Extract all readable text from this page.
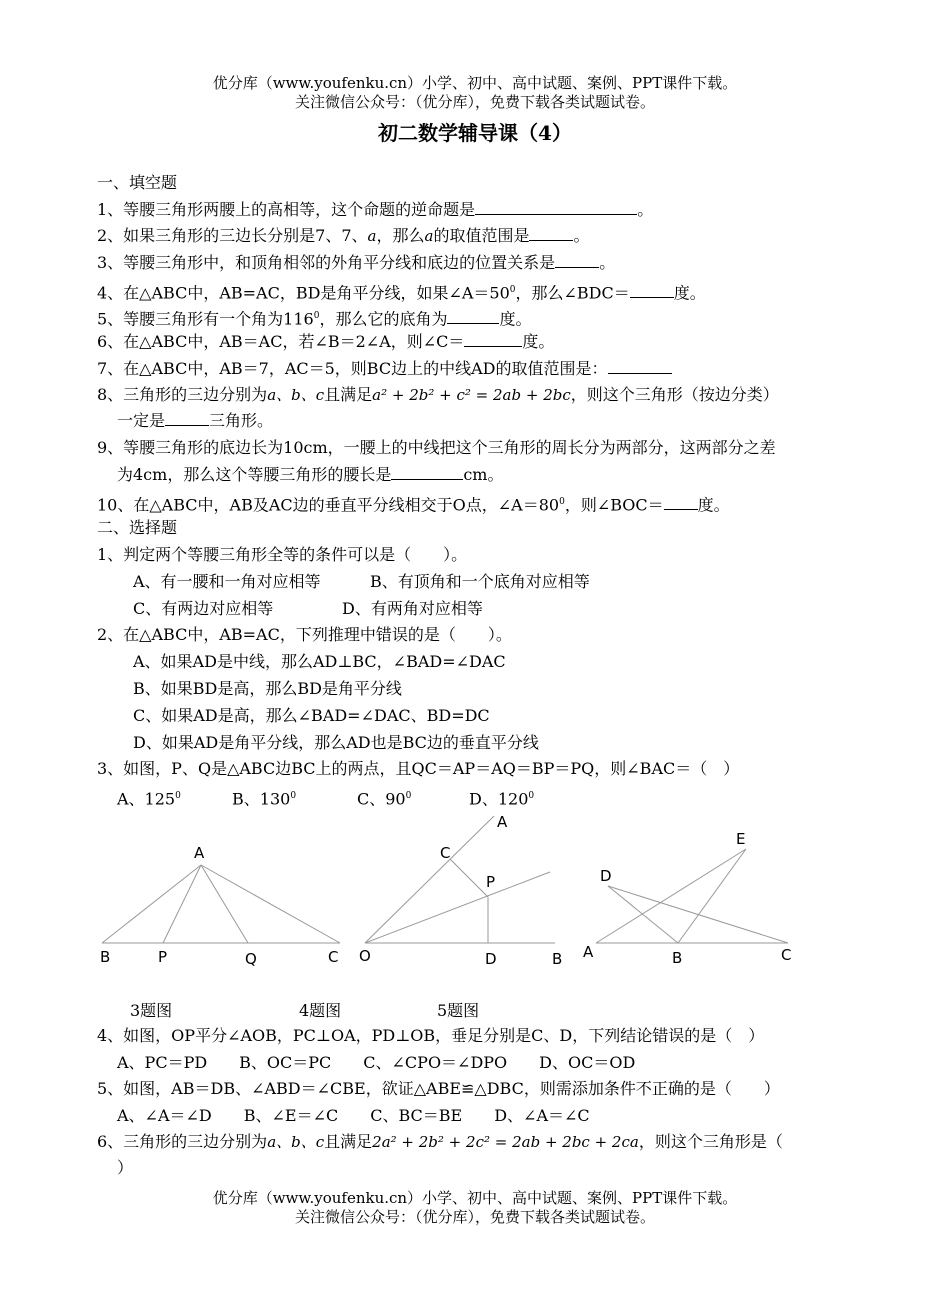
优分库（www.youfenku.cn）小学、初中、高中试题、案例、PPT课件下载。
关注微信公众号：（优分库），免费下载各类试题试卷。
初二数学辅导课（4）
一、填空题
1、等腰三角形两腰上的高相等，这个命题的逆命题是	。
2、如果三角形的三边长分别是7、7、a，那么a的取值范围是	。
3、等腰三角形中，和顶角相邻的外角平分线和底边的位置关系是	。
4、在△ABC中，AB=AC，BD是角平分线，如果$\angle A=50^0$，那么∠BDC＝	度。
5、等腰三角形有一个角为$116^0$，那么它的底角为	度。
6、在△ABC中，AB＝AC，若∠B＝2∠A，则∠C＝	度。
7、在△ABC中，AB＝7，AC＝5，则BC边上的中线AD的取值范围是：
8、三角形的三边分别为a、b、c且满足a² + 2b² + c² = 2ab + 2bc，则这个三角形（按边分类）
一定是	三角形。
9、等腰三角形的底边长为10cm，一腰上的中线把这个三角形的周长分为两部分，这两部分之差
为4cm，那么这个等腰三角形的腰长是	cm。
10、在△ABC中，AB及AC边的垂直平分线相交于O点，$\angle A=80^0$，则∠BOC＝ 度。
二、选择题
1、判定两个等腰三角形全等的条件可以是（　　）。
A、有一腰和一角对应相等	B、有顶角和一个底角对应相等
C、有两边对应相等	D、有两角对应相等
2、在△ABC中，AB=AC，下列推理中错误的是（　　）。
A、如果AD是中线，那么AD⊥BC，∠BAD=∠DAC
B、如果BD是高，那么BD是角平分线
C、如果AD是高，那么∠BAD=∠DAC、BD=DC
D、如果AD是角平分线，那么AD也是BC边的垂直平分线
3、如图，P、Q是△ABC边BC上的两点，且QC＝AP＝AQ＝BP＝PQ，则∠BAC＝（　）
A、$125^0$	B、$130^0$	C、$90^0$	D、$120^0$
A
B	P	Q	C
A
C
P
O	D	B
E
D
A	B	C
3题图	4题图	5题图
4、如图，OP平分∠AOB，PC⊥OA，PD⊥OB，垂足分别是C、D，下列结论错误的是（　）
A、PC＝PD　　B、OC＝PC　　C、∠CPO＝∠DPO　　D、OC＝OD
5、如图，AB＝DB、∠ABD＝∠CBE，欲证△ABE≌△DBC，则需添加条件不正确的是（　　）
A、∠A＝∠D　　B、∠E＝∠C　　C、BC＝BE　　D、∠A＝∠C
6、三角形的三边分别为a、b、c且满足2a² + 2b² + 2c² = 2ab + 2bc + 2ca，则这个三角形是（
）
优分库（www.youfenku.cn）小学、初中、高中试题、案例、PPT课件下载。
关注微信公众号：（优分库），免费下载各类试题试卷。
